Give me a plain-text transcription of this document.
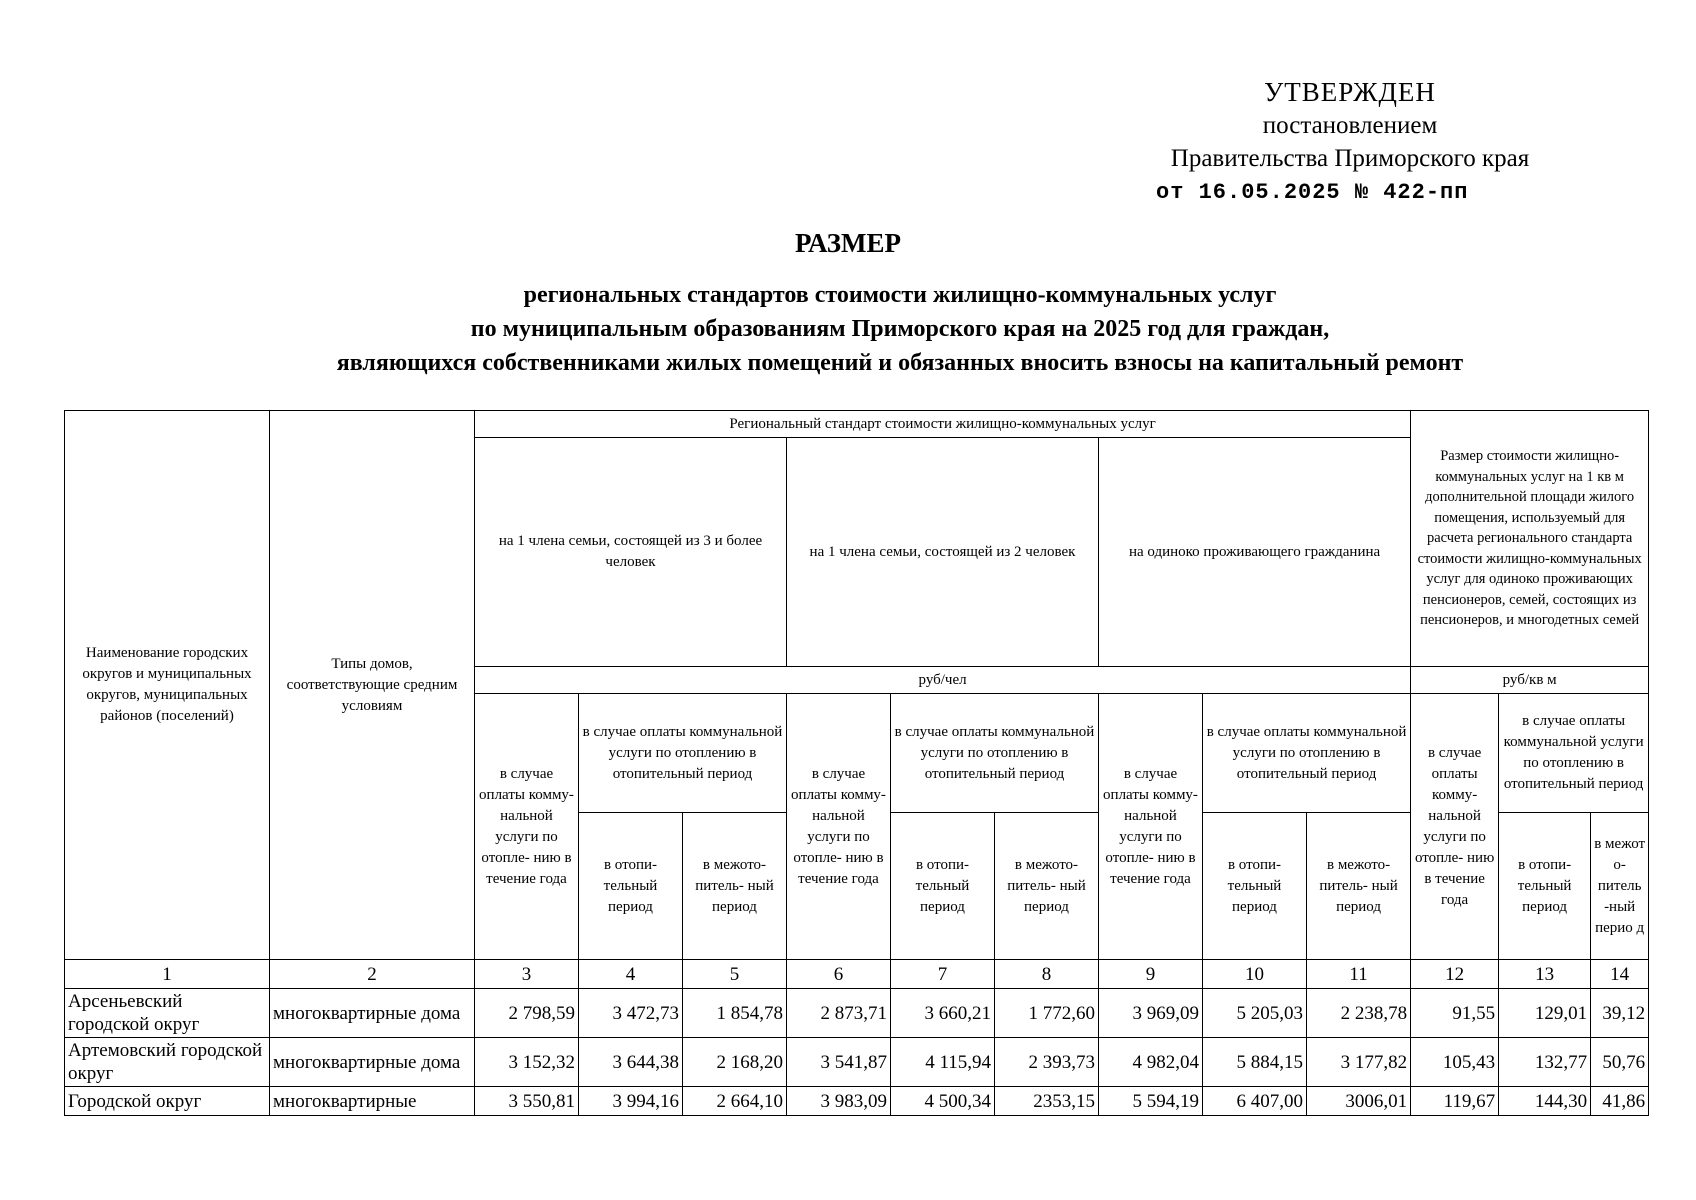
УТВЕРЖДЕН
постановлением
Правительства Приморского края
от 16.05.2025 № 422-пп
РАЗМЕР
региональных стандартов стоимости жилищно-коммунальных услуг
по муниципальным образованиям Приморского края на 2025 год для граждан,
являющихся собственниками жилых помещений и обязанных вносить взносы на капитальный ремонт
Наименование городских округов и муниципальных округов, муниципальных районов (поселений)	Типы домов, соответствующие средним условиям	Региональный стандарт стоимости жилищно-коммунальных услуг									Размер стоимости жилищно-коммунальных услуг на 1 кв м дополнительной площади жилого помещения, используемый для расчета регионального стандарта стоимости жилищно-коммунальных услуг для одиноко проживающих пенсионеров, семей, состоящих из пенсионеров, и многодетных семей		
		на 1 члена семьи, состоящей из 3 и более человек			на 1 члена семьи, состоящей из 2 человек			на одиноко проживающего гражданина					
		руб/чел									руб/кв м		
		в случае оплаты комму- нальной услуги по отопле- нию в течение года	в случае оплаты коммунальной услуги по отоплению в отопительный период		в случае оплаты комму- нальной услуги по отопле- нию в течение года	в случае оплаты коммунальной услуги по отоплению в отопительный период		в случае оплаты комму- нальной услуги по отопле- нию в течение года	в случае оплаты коммунальной услуги по отоплению в отопительный период		в случае оплаты комму- нальной услуги по отопле- нию в течение года	в случае оплаты коммунальной услуги по отоплению в отопительный период	
			в отопи- тельный период	в межото- питель- ный период		в отопи- тельный период	в межото- питель- ный период		в отопи- тельный период	в межото- питель- ный период		в отопи- тельный период	в межот о- питель -ный перио д
1	2	3	4	5	6	7	8	9	10	11	12	13	14
Арсеньевский городской округ	многоквартирные дома	2 798,59	3 472,73	1 854,78	2 873,71	3 660,21	1 772,60	3 969,09	5 205,03	2 238,78	91,55	129,01	39,12
Артемовский городской округ	многоквартирные дома	3 152,32	3 644,38	2 168,20	3 541,87	4 115,94	2 393,73	4 982,04	5 884,15	3 177,82	105,43	132,77	50,76
Городской округ	многоквартирные	3 550,81	3 994,16	2 664,10	3 983,09	4 500,34	2353,15	5 594,19	6 407,00	3006,01	119,67	144,30	41,86
